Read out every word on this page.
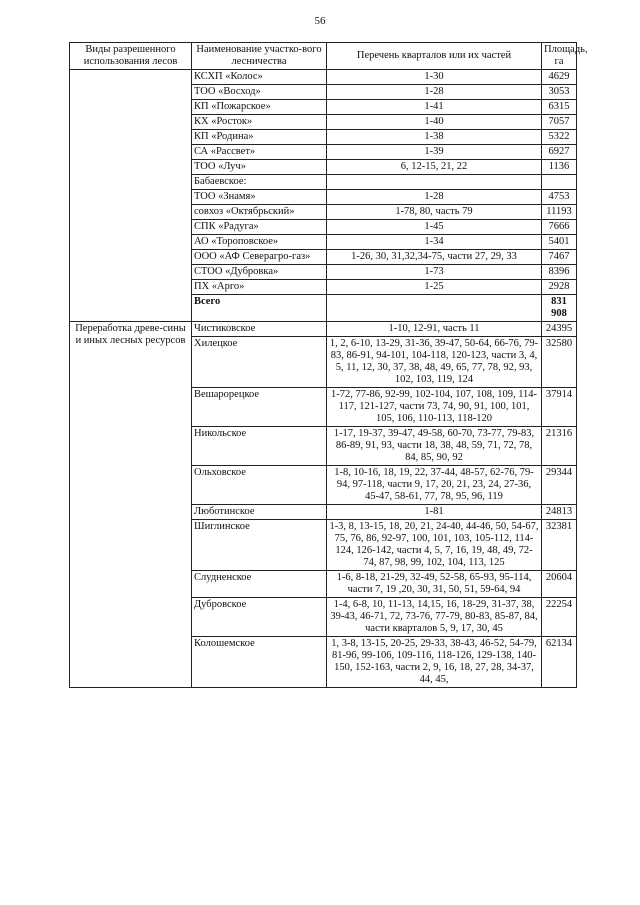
56
Виды разрешенного использования лесов	Наименование участко-вого лесничества	Перечень кварталов или их частей	Площадь, га
	КСХП «Колос»	1-30	4629
	ТОО «Восход»	1-28	3053
	КП «Пожарское»	1-41	6315
	КХ «Росток»	1-40	7057
	КП «Родина»	1-38	5322
	СА «Рассвет»	1-39	6927
	ТОО «Луч»	6, 12-15, 21, 22	1136
	Бабаевское:		
	ТОО «Знамя»	1-28	4753
	совхоз «Октябрьский»	1-78, 80, часть 79	11193
	СПК «Радуга»	1-45	7666
	АО «Тороповское»	1-34	5401
	ООО «АФ Северагро-газ»	1-26, 30, 31,32,34-75, части 27, 29, 33	7467
	СТОО «Дубровка»	1-73	8396
	ПХ «Арго»	1-25	2928
	Всего		831 908
Переработка древе-сины и иных лесных ресурсов	Чистиковское	1-10, 12-91, часть 11	24395
	Хилецкое	1, 2, 6-10, 13-29, 31-36, 39-47, 50-64, 66-76, 79-83, 86-91, 94-101, 104-118, 120-123, части 3, 4, 5, 11, 12, 30, 37, 38, 48, 49, 65, 77, 78, 92, 93, 102, 103, 119, 124	32580
	Вешарорецкое	1-72, 77-86, 92-99, 102-104, 107, 108, 109, 114-117, 121-127, части 73, 74, 90, 91, 100, 101, 105, 106, 110-113, 118-120	37914
	Никольское	1-17, 19-37, 39-47, 49-58, 60-70, 73-77, 79-83, 86-89, 91, 93, части 18, 38, 48, 59, 71, 72, 78, 84, 85, 90, 92	21316
	Ольховское	1-8, 10-16, 18, 19, 22, 37-44, 48-57, 62-76, 79-94, 97-118, части 9, 17, 20, 21, 23, 24, 27-36, 45-47, 58-61, 77, 78, 95, 96, 119	29344
	Люботинское	1-81	24813
	Шиглинское	1-3, 8, 13-15, 18, 20, 21, 24-40, 44-46, 50, 54-67, 75, 76, 86, 92-97, 100, 101, 103, 105-112, 114-124, 126-142, части 4, 5, 7, 16, 19, 48, 49, 72-74, 87, 98, 99, 102, 104, 113, 125	32381
	Слудненское	1-6, 8-18, 21-29, 32-49, 52-58, 65-93, 95-114, части 7, 19 ,20, 30, 31, 50, 51, 59-64, 94	20604
	Дубровское	1-4, 6-8, 10, 11-13, 14,15, 16, 18-29, 31-37, 38, 39-43, 46-71, 72, 73-76, 77-79, 80-83, 85-87, 84, части кварталов 5, 9, 17, 30, 45	22254
	Колошемское	1, 3-8, 13-15, 20-25, 29-33, 38-43, 46-52, 54-79, 81-96, 99-106, 109-116, 118-126, 129-138, 140-150, 152-163, части 2, 9, 16, 18, 27, 28, 34-37, 44, 45,	62134
